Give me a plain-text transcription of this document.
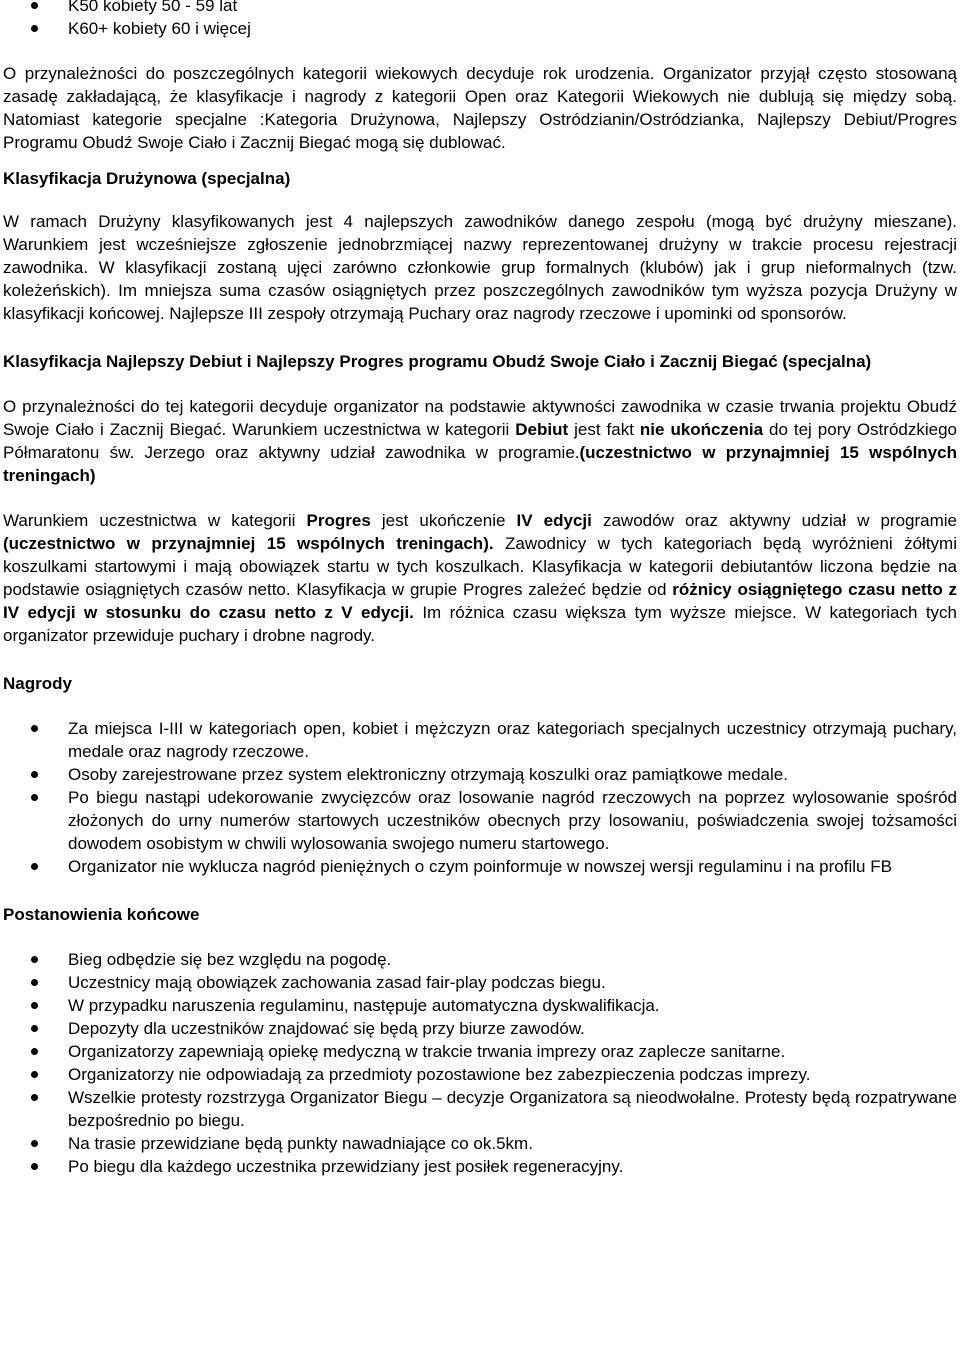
K50 kobiety 50 - 59 lat
K60+ kobiety 60 i więcej

O przynależności do poszczególnych kategorii wiekowych decyduje rok urodzenia. Organizator przyjął często stosowaną zasadę zakładającą, że klasyfikacje i nagrody z kategorii Open oraz Kategorii Wiekowych nie dublują się między sobą. Natomiast kategorie specjalne :Kategoria Drużynowa, Najlepszy Ostródzianin/Ostródzianka, Najlepszy Debiut/Progres Programu Obudź Swoje Ciało i Zacznij Biegać mogą się dublować.

Klasyfikacja Drużynowa (specjalna)

W ramach Drużyny klasyfikowanych jest 4 najlepszych zawodników danego zespołu (mogą być drużyny mieszane). Warunkiem jest wcześniejsze zgłoszenie jednobrzmiącej nazwy reprezentowanej drużyny w trakcie procesu rejestracji zawodnika. W klasyfikacji zostaną ujęci zarówno członkowie grup formalnych (klubów) jak i grup nieformalnych (tzw. koleżeńskich). Im mniejsza suma czasów osiągniętych przez poszczególnych zawodników tym wyższa pozycja Drużyny w klasyfikacji końcowej. Najlepsze III zespoły otrzymają Puchary oraz nagrody rzeczowe i upominki od sponsorów.

Klasyfikacja Najlepszy Debiut i Najlepszy Progres programu Obudź Swoje Ciało i Zacznij Biegać (specjalna)

O przynależności do tej kategorii decyduje organizator na podstawie aktywności zawodnika w czasie trwania projektu Obudź Swoje Ciało i Zacznij Biegać. Warunkiem uczestnictwa w kategorii Debiut jest fakt nie ukończenia do tej pory Ostródzkiego Półmaratonu św. Jerzego oraz aktywny udział zawodnika w programie.(uczestnictwo w przynajmniej 15 wspólnych treningach)

Warunkiem uczestnictwa w kategorii Progres jest ukończenie IV edycji zawodów oraz aktywny udział w programie (uczestnictwo w przynajmniej 15 wspólnych treningach). Zawodnicy w tych kategoriach będą wyróżnieni żółtymi koszulkami startowymi i mają obowiązek startu w tych koszulkach. Klasyfikacja w kategorii debiutantów liczona będzie na podstawie osiągniętych czasów netto. Klasyfikacja w grupie Progres zależeć będzie od różnicy osiągniętego czasu netto z IV edycji w stosunku do czasu netto z V edycji. Im różnica czasu większa tym wyższe miejsce. W kategoriach tych organizator przewiduje puchary i drobne nagrody.

Nagrody
Za miejsca I-III w kategoriach open, kobiet i mężczyzn oraz kategoriach specjalnych uczestnicy otrzymają puchary, medale oraz nagrody rzeczowe.
Osoby zarejestrowane przez system elektroniczny otrzymają koszulki oraz pamiątkowe medale.
Po biegu nastąpi udekorowanie zwycięzców oraz losowanie nagród rzeczowych na poprzez wylosowanie spośród złożonych do urny numerów startowych uczestników obecnych przy losowaniu, poświadczenia swojej tożsamości dowodem osobistym w chwili wylosowania swojego numeru startowego.
Organizator nie wyklucza nagród pieniężnych o czym poinformuje w nowszej wersji regulaminu i na profilu FB
Postanowienia końcowe
Bieg odbędzie się bez względu na pogodę.
Uczestnicy mają obowiązek zachowania zasad fair-play podczas biegu.
W przypadku naruszenia regulaminu, następuje automatyczna dyskwalifikacja.
Depozyty dla uczestników znajdować się będą przy biurze zawodów.
Organizatorzy zapewniają opiekę medyczną w trakcie trwania imprezy oraz zaplecze sanitarne.
Organizatorzy nie odpowiadają za przedmioty pozostawione bez zabezpieczenia podczas imprezy.
Wszelkie protesty rozstrzyga Organizator Biegu – decyzje Organizatora są nieodwołalne. Protesty będą rozpatrywane bezpośrednio po biegu.
Na trasie przewidziane będą punkty nawadniające co ok.5km.
Po biegu dla każdego uczestnika przewidziany jest posiłek regeneracyjny.
